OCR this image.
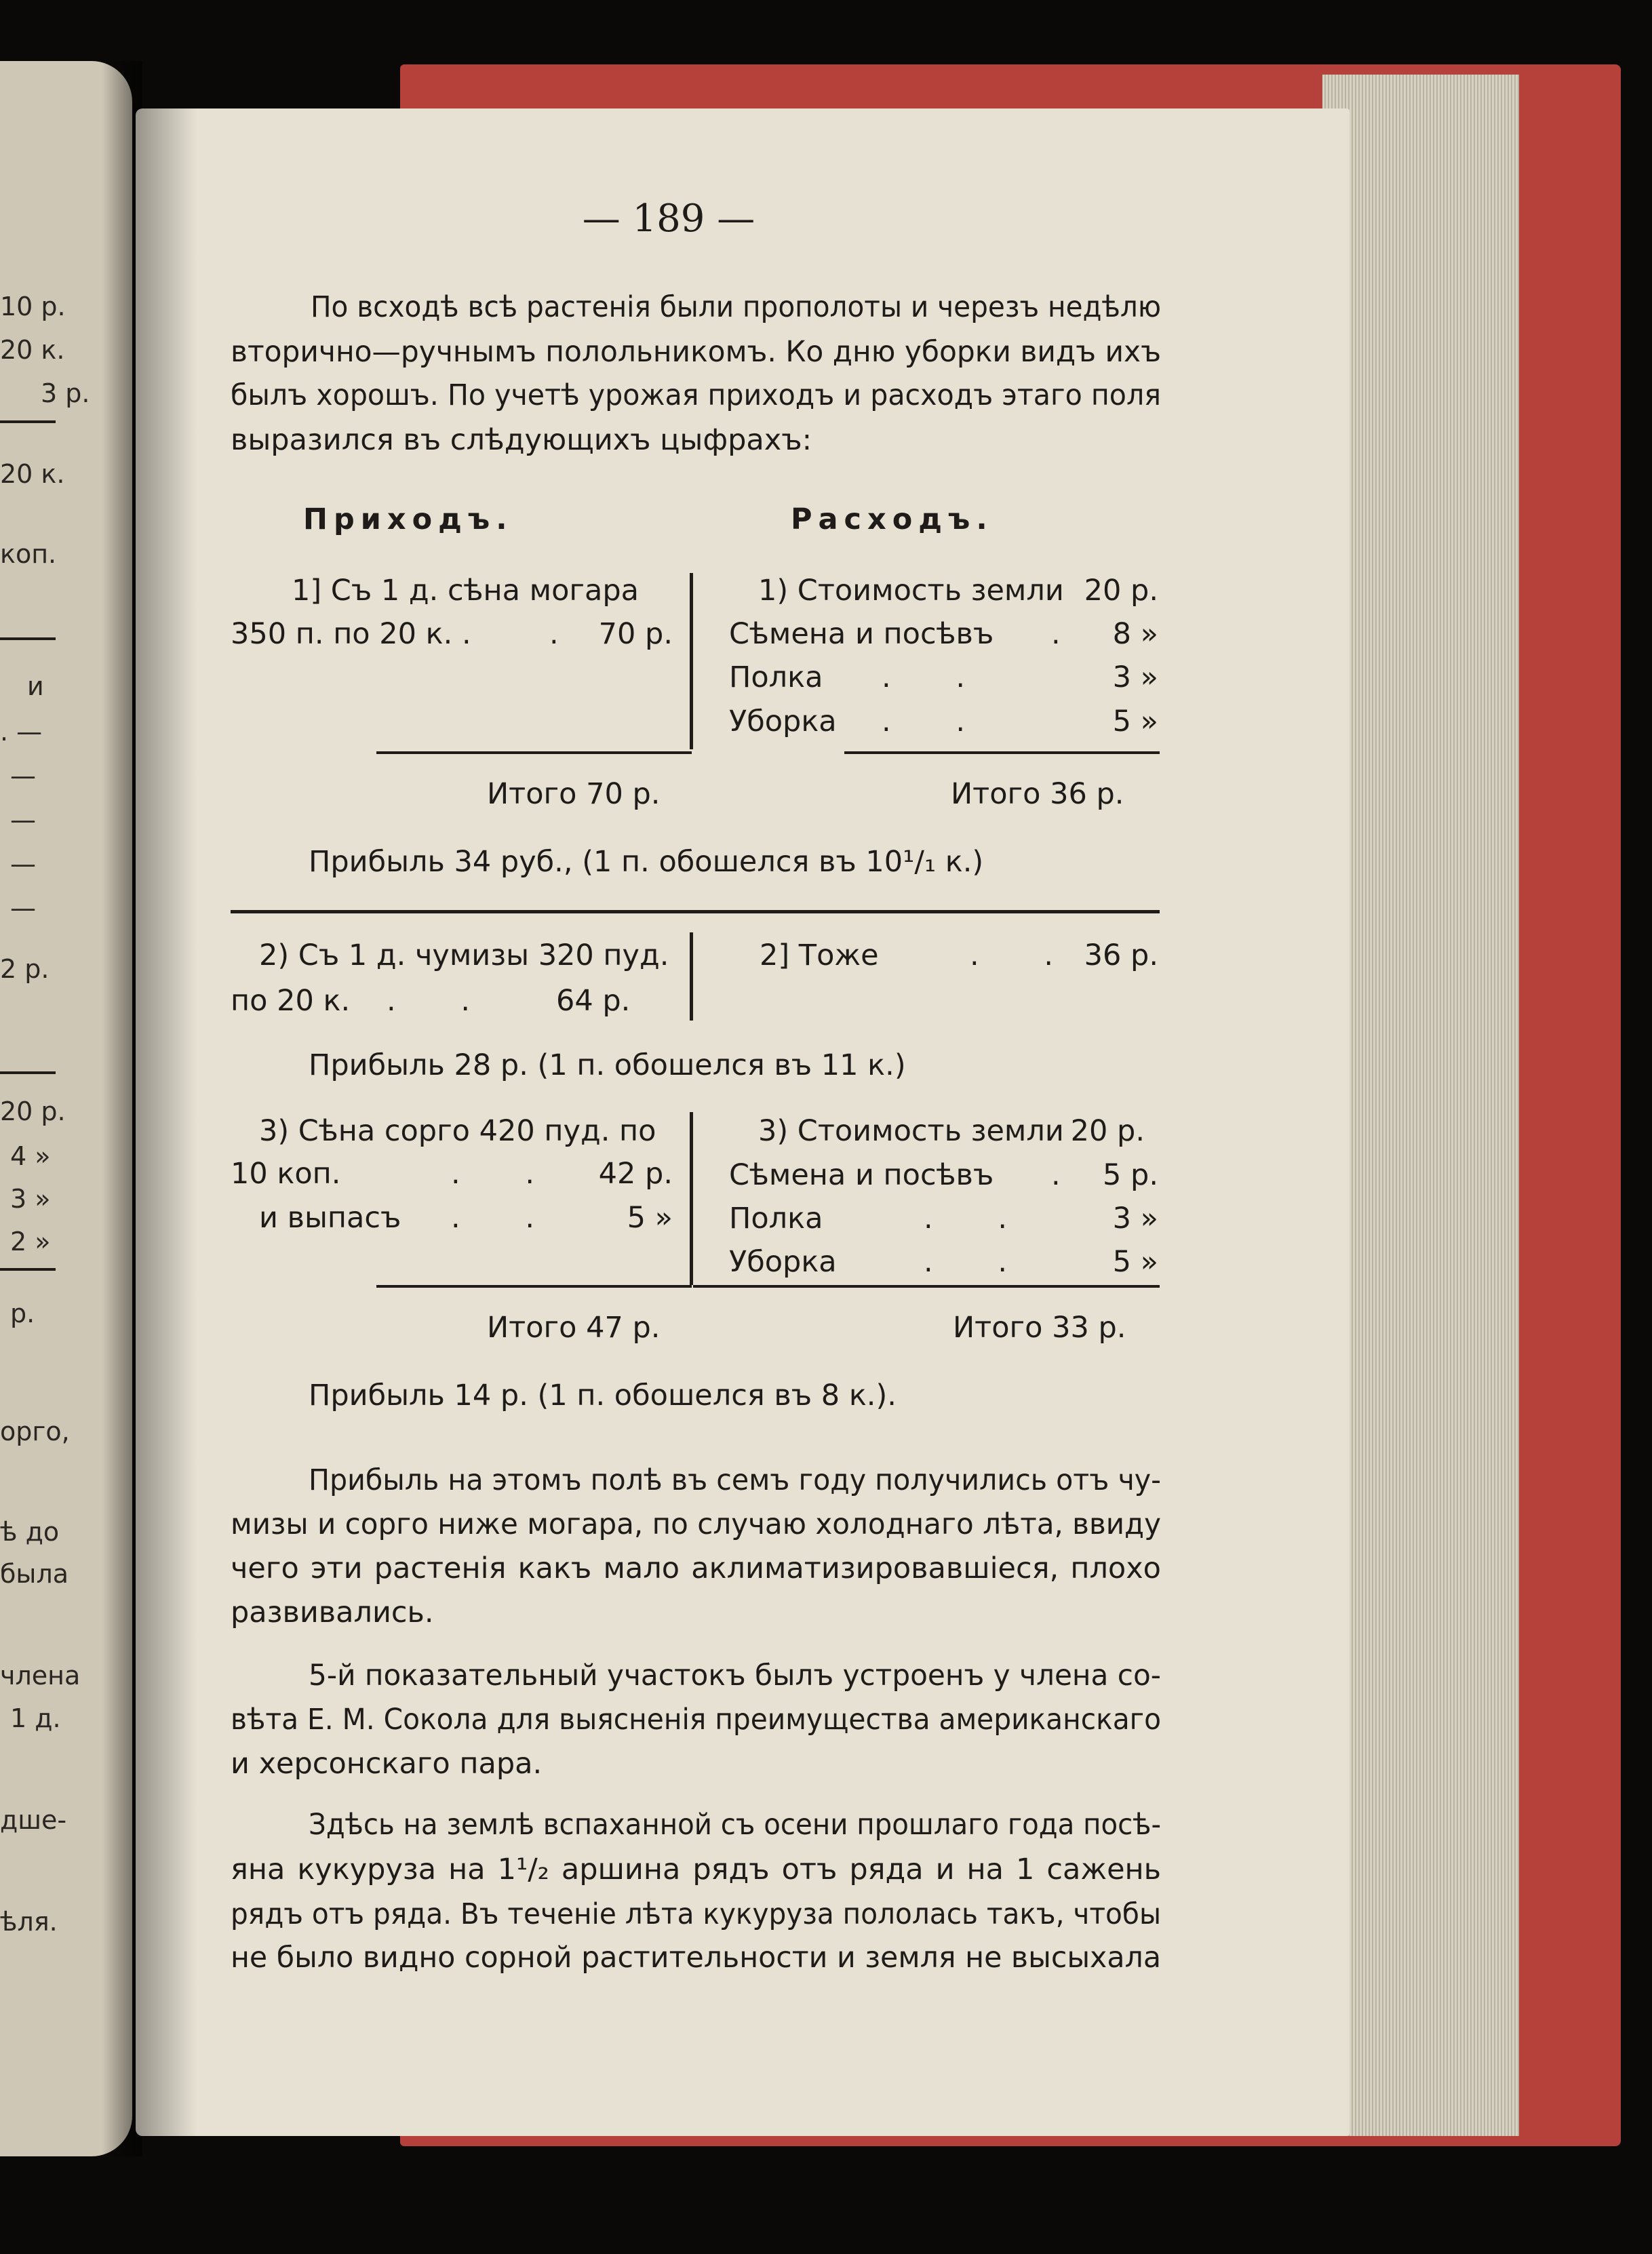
10 р.
20 к.
3 р.
20 к.
коп.
и
. —
—
—
—
—
2 р.
20 р.
4 »
3 »
2 »
р.
орго,
ѣ до
была
члена
1 д.
дше-
ѣля.
— 189 —
По всходѣ всѣ растенія были прополоты и черезъ недѣлю
вторично—ручнымъ полольникомъ. Ко дню уборки видъ ихъ
былъ хорошъ. По учетѣ урожая приходъ и расходъ этаго поля
выразился въ слѣдующихъ цыфрахъ:
Приходъ.	Расходъ.
1] Съ 1 д. сѣна могара
350 п. по 20 к. .	.	70 р.
1) Стоимость земли 20 р.
Сѣмена и посѣвъ .	8 »
Полка .       .	3 »
Уборка .       .	5 »
Итого 70 р.	Итого 36 р.
Прибыль 34 руб., (1 п. обошелся въ 10¹/₁ к.)
2) Съ 1 д. чумизы 320 пуд.
по 20 к. .       .	64 р.
2] Тоже	.       .	36 р.
Прибыль 28 р. (1 п. обошелся въ 11 к.)
3) Сѣна сорго 420 пуд. по
10 коп.	.       .	42 р.
и выпасъ .       .	5 »
3) Стоимость земли 20 р.
Сѣмена и посѣвъ .	5 р.
Полка	.       .	3 »
Уборка	.       .	5 »
Итого 47 р.	Итого 33 р.
Прибыль 14 р. (1 п. обошелся въ 8 к.).
Прибыль на этомъ полѣ въ семъ году получились отъ чу-
мизы и сорго ниже могара, по случаю холоднаго лѣта, ввиду
чего эти растенія какъ мало аклиматизировавшіеся, плохо
развивались.
5-й показательный участокъ былъ устроенъ у члена со-
вѣта Е. М. Сокола для выясненія преимущества американскаго
и херсонскаго пара.
Здѣсь на землѣ вспаханной съ осени прошлаго года посѣ-
яна кукуруза на 1¹/₂ аршина рядъ отъ ряда и на 1 сажень
рядъ отъ ряда. Въ теченіе лѣта кукуруза пололась такъ, чтобы
не было видно сорной растительности и земля не высыхала
